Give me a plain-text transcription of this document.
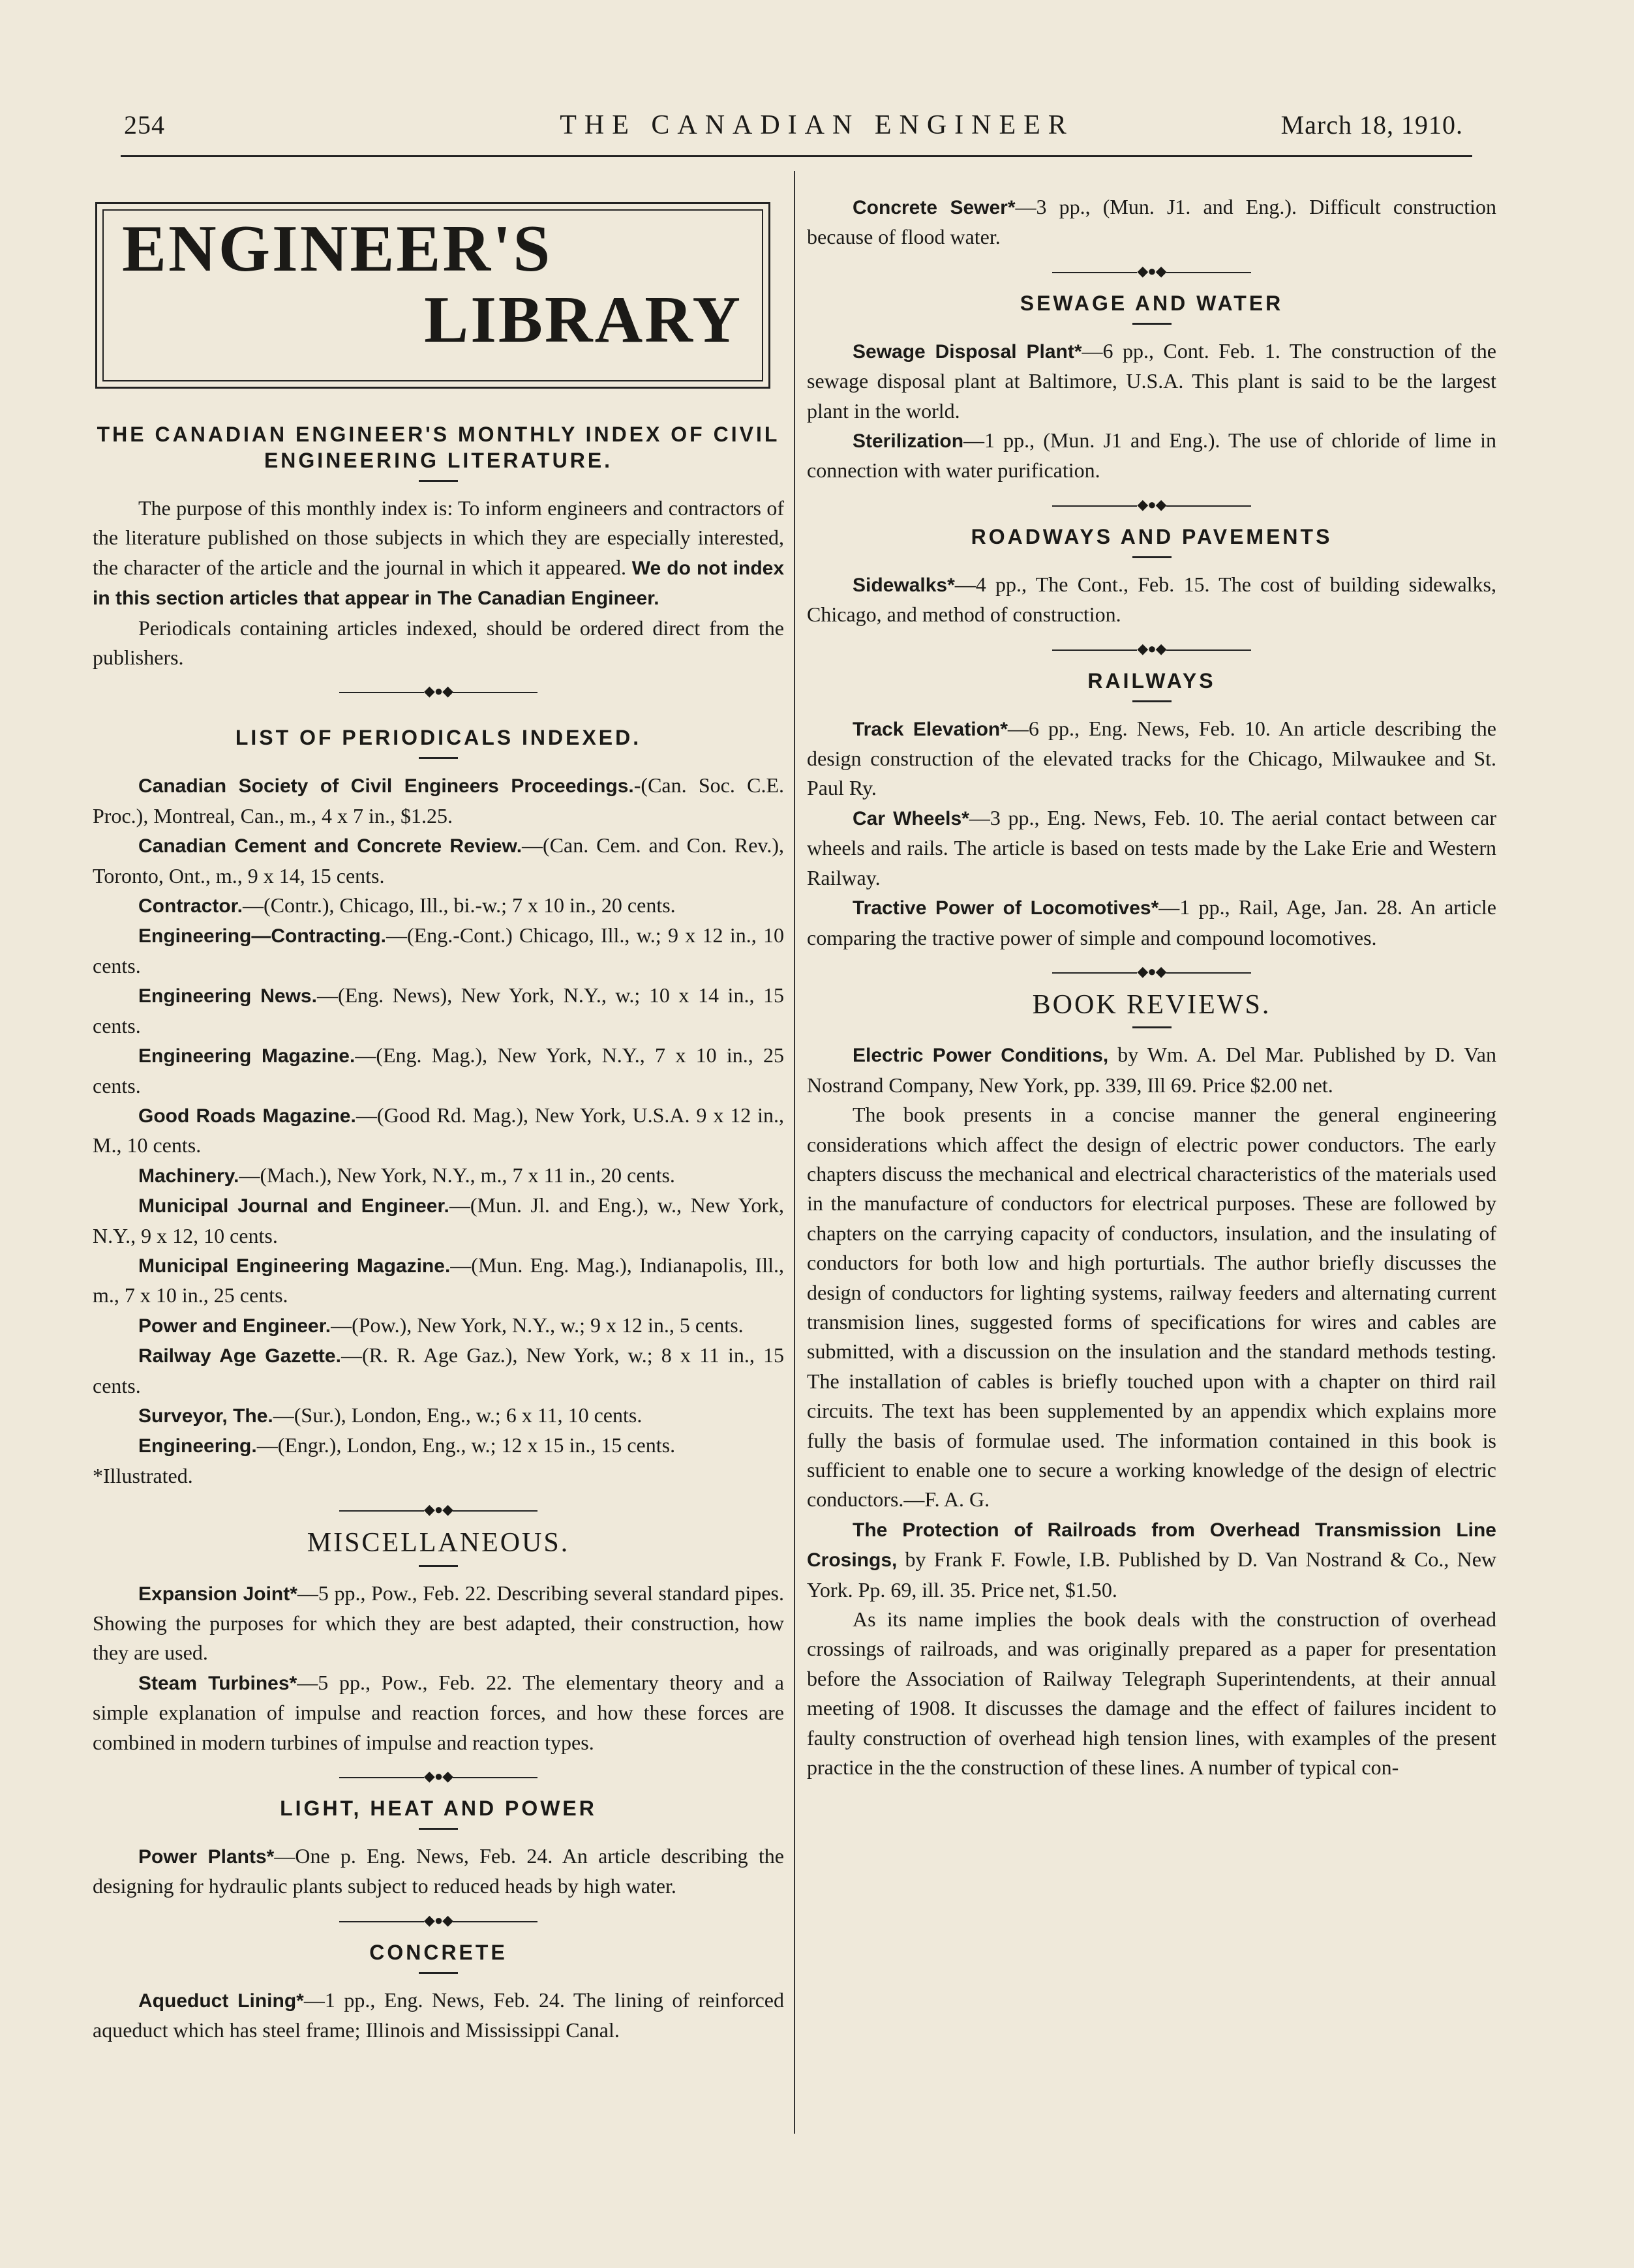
254	THE CANADIAN ENGINEER	March 18, 1910.
ENGINEER'S
LIBRARY
THE CANADIAN ENGINEER'S MONTHLY INDEX OF CIVIL ENGINEERING LITERATURE.

The purpose of this monthly index is: To inform engineers and contractors of the literature published on those subjects in which they are especially interested, the character of the article and the journal in which it appeared. We do not index in this section articles that appear in The Canadian Engineer.

Periodicals containing articles indexed, should be ordered direct from the publishers.

◆●◆
LIST OF PERIODICALS INDEXED.

Canadian Society of Civil Engineers Proceedings.-(Can. Soc. C.E. Proc.), Montreal, Can., m., 4 x 7 in., $1.25.

Canadian Cement and Concrete Review.—(Can. Cem. and Con. Rev.), Toronto, Ont., m., 9 x 14, 15 cents.

Contractor.—(Contr.), Chicago, Ill., bi.-w.; 7 x 10 in., 20 cents.

Engineering—Contracting.—(Eng.-Cont.) Chicago, Ill., w.; 9 x 12 in., 10 cents.

Engineering News.—(Eng. News), New York, N.Y., w.; 10 x 14 in., 15 cents.

Engineering Magazine.—(Eng. Mag.), New York, N.Y., 7 x 10 in., 25 cents.

Good Roads Magazine.—(Good Rd. Mag.), New York, U.S.A. 9 x 12 in., M., 10 cents.

Machinery.—(Mach.), New York, N.Y., m., 7 x 11 in., 20 cents.

Municipal Journal and Engineer.—(Mun. Jl. and Eng.), w., New York, N.Y., 9 x 12, 10 cents.

Municipal Engineering Magazine.—(Mun. Eng. Mag.), Indianapolis, Ill., m., 7 x 10 in., 25 cents.

Power and Engineer.—(Pow.), New York, N.Y., w.; 9 x 12 in., 5 cents.

Railway Age Gazette.—(R. R. Age Gaz.), New York, w.; 8 x 11 in., 15 cents.

Surveyor, The.—(Sur.), London, Eng., w.; 6 x 11, 10 cents.

Engineering.—(Engr.), London, Eng., w.; 12 x 15 in., 15 cents.

*Illustrated.

◆●◆
MISCELLANEOUS.

Expansion Joint*—5 pp., Pow., Feb. 22. Describing several standard pipes. Showing the purposes for which they are best adapted, their construction, how they are used.

Steam Turbines*—5 pp., Pow., Feb. 22. The elementary theory and a simple explanation of impulse and reaction forces, and how these forces are combined in modern turbines of impulse and reaction types.

◆●◆
LIGHT, HEAT AND POWER

Power Plants*—One p. Eng. News, Feb. 24. An article describing the designing for hydraulic plants subject to reduced heads by high water.

◆●◆
CONCRETE

Aqueduct Lining*—1 pp., Eng. News, Feb. 24. The lining of reinforced aqueduct which has steel frame; Illinois and Mississippi Canal.

Concrete Sewer*—3 pp., (Mun. J1. and Eng.). Difficult construction because of flood water.

◆●◆
SEWAGE AND WATER

Sewage Disposal Plant*—6 pp., Cont. Feb. 1. The construction of the sewage disposal plant at Baltimore, U.S.A. This plant is said to be the largest plant in the world.

Sterilization—1 pp., (Mun. J1 and Eng.). The use of chloride of lime in connection with water purification.

◆●◆
ROADWAYS AND PAVEMENTS

Sidewalks*—4 pp., The Cont., Feb. 15. The cost of building sidewalks, Chicago, and method of construction.

◆●◆
RAILWAYS

Track Elevation*—6 pp., Eng. News, Feb. 10. An article describing the design construction of the elevated tracks for the Chicago, Milwaukee and St. Paul Ry.

Car Wheels*—3 pp., Eng. News, Feb. 10. The aerial contact between car wheels and rails. The article is based on tests made by the Lake Erie and Western Railway.

Tractive Power of Locomotives*—1 pp., Rail, Age, Jan. 28. An article comparing the tractive power of simple and compound locomotives.

◆●◆
BOOK REVIEWS.

Electric Power Conditions, by Wm. A. Del Mar. Published by D. Van Nostrand Company, New York, pp. 339, Ill 69. Price $2.00 net.

The book presents in a concise manner the general engineering considerations which affect the design of electric power conductors. The early chapters discuss the mechanical and electrical characteristics of the materials used in the manufacture of conductors for electrical purposes. These are followed by chapters on the carrying capacity of conductors, insulation, and the insulating of conductors for both low and high porturtials. The author briefly discusses the design of conductors for lighting systems, railway feeders and alternating current transmision lines, suggested forms of specifications for wires and cables are submitted, with a discussion on the insulation and the standard methods testing. The installation of cables is briefly touched upon with a chapter on third rail circuits. The text has been supplemented by an appendix which explains more fully the basis of formulae used. The information contained in this book is sufficient to enable one to secure a working knowledge of the design of electric conductors.—F. A. G.

The Protection of Railroads from Overhead Transmission Line Crosings, by Frank F. Fowle, I.B. Published by D. Van Nostrand & Co., New York. Pp. 69, ill. 35. Price net, $1.50.

As its name implies the book deals with the construction of overhead crossings of railroads, and was originally prepared as a paper for presentation before the Association of Railway Telegraph Superintendents, at their annual meeting of 1908. It discusses the damage and the effect of failures incident to faulty construction of overhead high tension lines, with examples of the present practice in the the construction of these lines. A number of typical con-
